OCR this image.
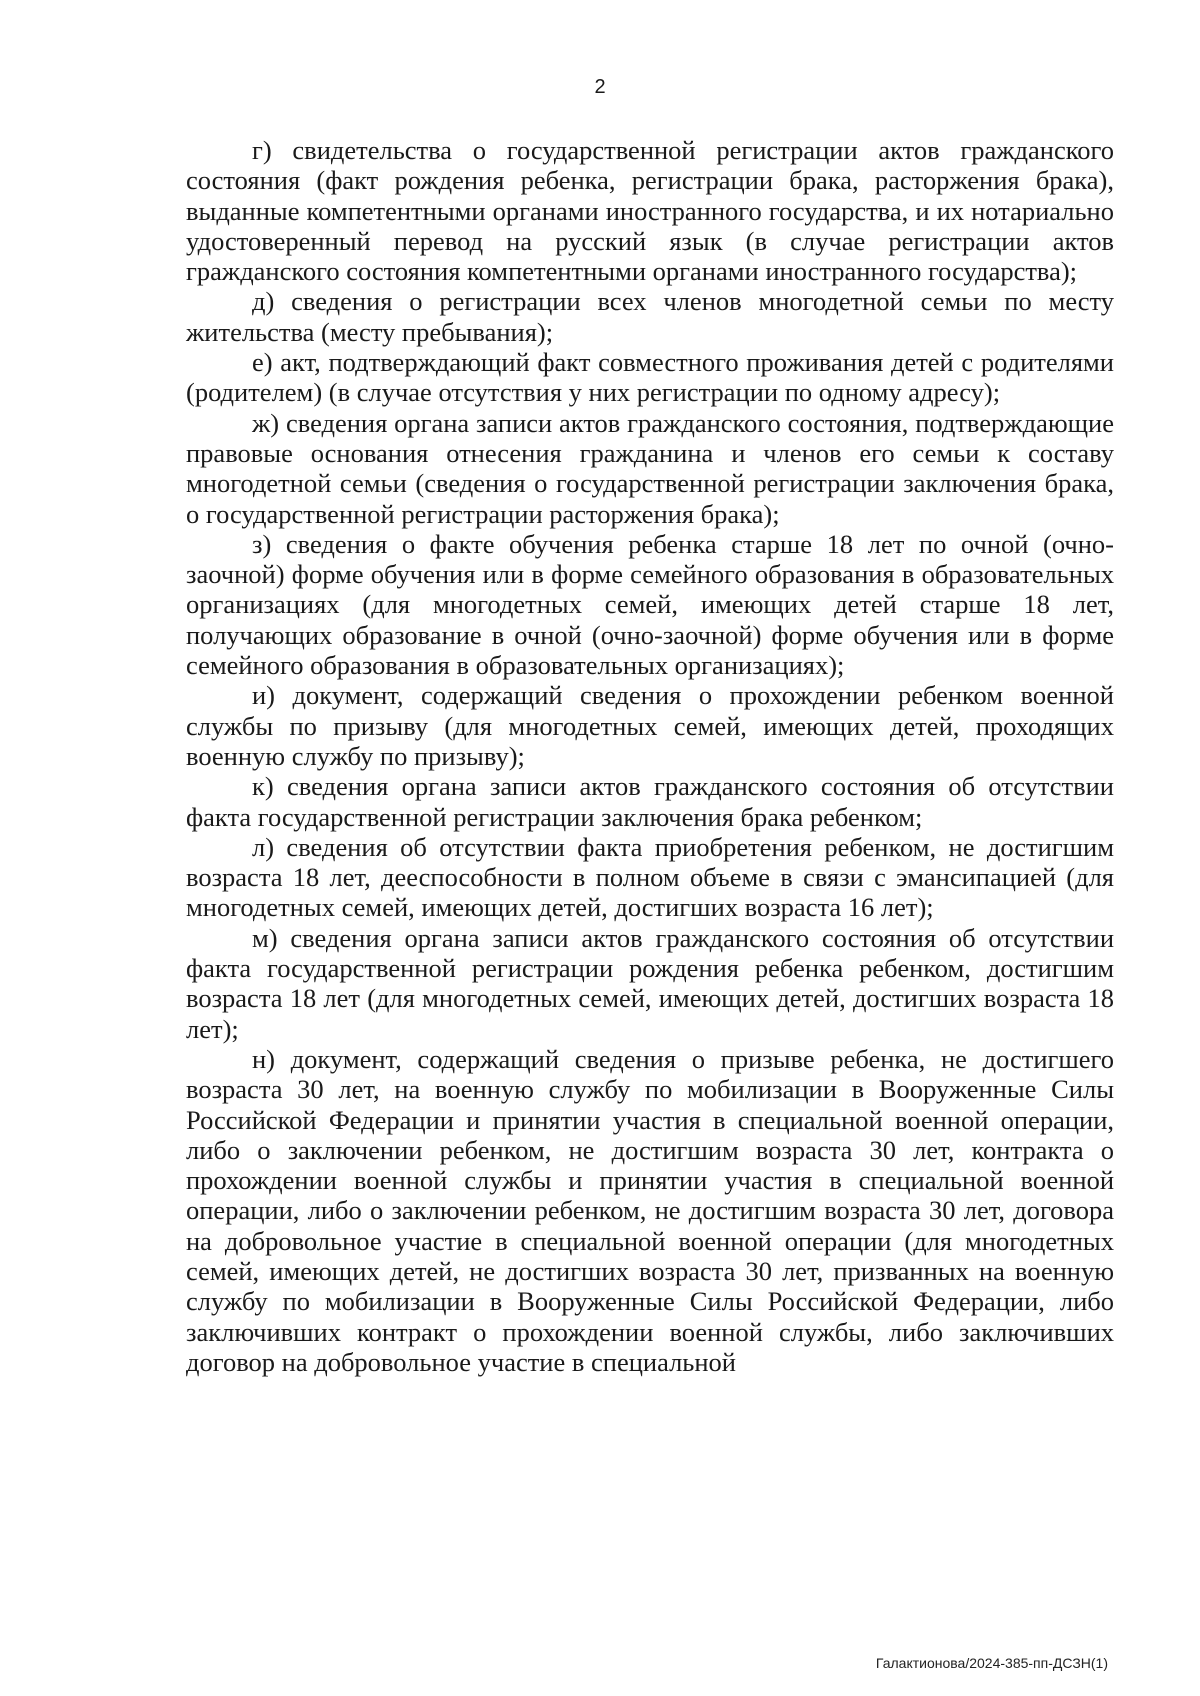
2

г) свидетельства о государственной регистрации актов гражданского состояния (факт рождения ребенка, регистрации брака, расторжения брака), выданные компетентными органами иностранного государства, и их нотариально удостоверенный перевод на русский язык (в случае регистрации актов гражданского состояния компетентными органами иностранного государства);

д) сведения о регистрации всех членов многодетной семьи по месту жительства (месту пребывания);

е) акт, подтверждающий факт совместного проживания детей с родителями (родителем) (в случае отсутствия у них регистрации по одному адресу);

ж) сведения органа записи актов гражданского состояния, подтверждающие правовые основания отнесения гражданина и членов его семьи к составу многодетной семьи (сведения о государственной регистрации заключения брака, о государственной регистрации расторжения брака);

з) сведения о факте обучения ребенка старше 18 лет по очной (очно-заочной) форме обучения или в форме семейного образования в образовательных организациях (для многодетных семей, имеющих детей старше 18 лет, получающих образование в очной (очно-заочной) форме обучения или в форме семейного образования в образовательных организациях);

и) документ, содержащий сведения о прохождении ребенком военной службы по призыву (для многодетных семей, имеющих детей, проходящих военную службу по призыву);

к) сведения органа записи актов гражданского состояния об отсутствии факта государственной регистрации заключения брака ребенком;

л) сведения об отсутствии факта приобретения ребенком, не достигшим возраста 18 лет, дееспособности в полном объеме в связи с эмансипацией (для многодетных семей, имеющих детей, достигших возраста 16 лет);

м) сведения органа записи актов гражданского состояния об отсутствии факта государственной регистрации рождения ребенка ребенком, достигшим возраста 18 лет (для многодетных семей, имеющих детей, достигших возраста 18 лет);

н) документ, содержащий сведения о призыве ребенка, не достигшего возраста 30 лет, на военную службу по мобилизации в Вооруженные Силы Российской Федерации и принятии участия в специальной военной операции, либо о заключении ребенком, не достигшим возраста 30 лет, контракта о прохождении военной службы и принятии участия в специальной военной операции, либо о заключении ребенком, не достигшим возраста 30 лет, договора на добровольное участие в специальной военной операции (для многодетных семей, имеющих детей, не достигших возраста 30 лет, призванных на военную службу по мобилизации в Вооруженные Силы Российской Федерации, либо заключивших контракт о прохождении военной службы, либо заключивших договор на добровольное участие в специальной

Галактионова/2024-385-пп-ДСЗН(1)
